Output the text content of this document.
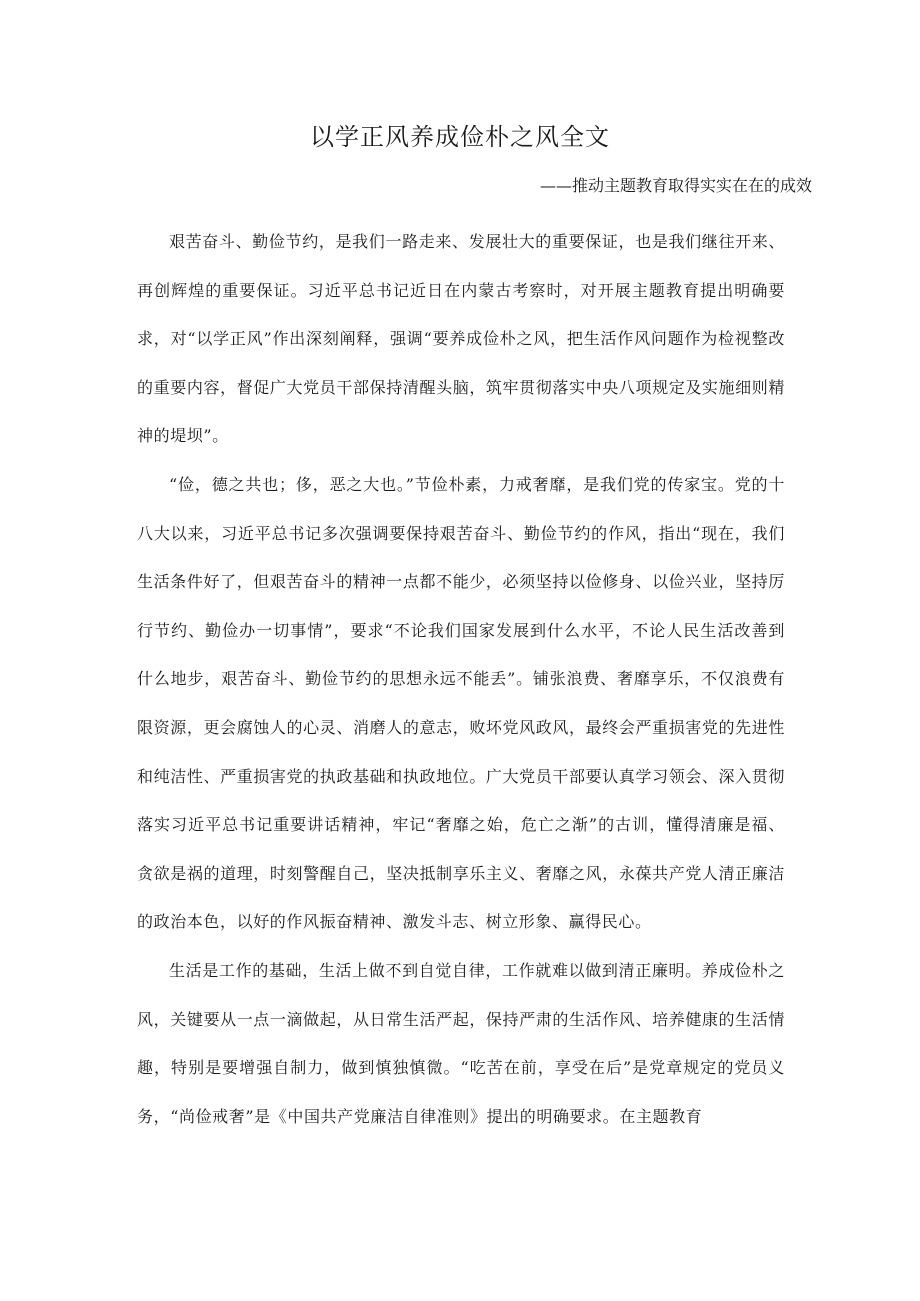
以学正风养成俭朴之风全文
——推动主题教育取得实实在在的成效

艰苦奋斗、勤俭节约，是我们一路走来、发展壮大的重要保证，也是我们继往开来、再创辉煌的重要保证。习近平总书记近日在内蒙古考察时，对开展主题教育提出明确要求，对“以学正风”作出深刻阐释，强调“要养成俭朴之风，把生活作风问题作为检视整改的重要内容，督促广大党员干部保持清醒头脑，筑牢贯彻落实中央八项规定及实施细则精神的堤坝”。

“俭，德之共也；侈，恶之大也。”节俭朴素，力戒奢靡，是我们党的传家宝。党的十八大以来，习近平总书记多次强调要保持艰苦奋斗、勤俭节约的作风，指出“现在，我们生活条件好了，但艰苦奋斗的精神一点都不能少，必须坚持以俭修身、以俭兴业，坚持厉行节约、勤俭办一切事情”，要求“不论我们国家发展到什么水平，不论人民生活改善到什么地步，艰苦奋斗、勤俭节约的思想永远不能丢”。铺张浪费、奢靡享乐，不仅浪费有限资源，更会腐蚀人的心灵、消磨人的意志，败坏党风政风，最终会严重损害党的先进性和纯洁性、严重损害党的执政基础和执政地位。广大党员干部要认真学习领会、深入贯彻落实习近平总书记重要讲话精神，牢记“奢靡之始，危亡之渐”的古训，懂得清廉是福、贪欲是祸的道理，时刻警醒自己，坚决抵制享乐主义、奢靡之风，永葆共产党人清正廉洁的政治本色，以好的作风振奋精神、激发斗志、树立形象、赢得民心。

生活是工作的基础，生活上做不到自觉自律，工作就难以做到清正廉明。养成俭朴之风，关键要从一点一滴做起，从日常生活严起，保持严肃的生活作风、培养健康的生活情趣，特别是要增强自制力，做到慎独慎微。“吃苦在前，享受在后”是党章规定的党员义务，“尚俭戒奢”是《中国共产党廉洁自律准则》提出的明确要求。在主题教育
